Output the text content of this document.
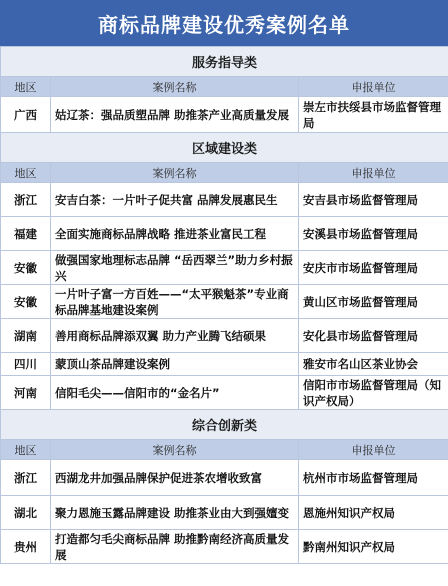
商标品牌建设优秀案例名单
服务指导类		
地区	案例名称	申报单位
广西	姑辽茶：强品质塑品牌 助推茶产业高质量发展	崇左市扶绥县市场监督管理局
区域建设类		
地区	案例名称	申报单位
浙江	安吉白茶：一片叶子促共富 品牌发展惠民生	安吉县市场监督管理局
福建	全面实施商标品牌战略 推进茶业富民工程	安溪县市场监督管理局
安徽	做强国家地理标志品牌 “岳西翠兰”助力乡村振兴	安庆市市场监督管理局
安徽	一片叶子富一方百姓——“太平猴魁茶”专业商标品牌基地建设案例	黄山区市场监督管理局
湖南	善用商标品牌添双翼 助力产业腾飞结硕果	安化县市场监督管理局
四川	蒙顶山茶品牌建设案例	雅安市名山区茶业协会
河南	信阳毛尖——信阳市的“金名片”	信阳市市场监督管理局（知识产权局）
综合创新类		
地区	案例名称	申报单位
浙江	西湖龙井加强品牌保护促进茶农增收致富	杭州市市场监督管理局
湖北	聚力恩施玉露品牌建设 助推茶业由大到强嬗变	恩施州知识产权局
贵州	打造都匀毛尖商标品牌 助推黔南经济高质量发展	黔南州知识产权局
